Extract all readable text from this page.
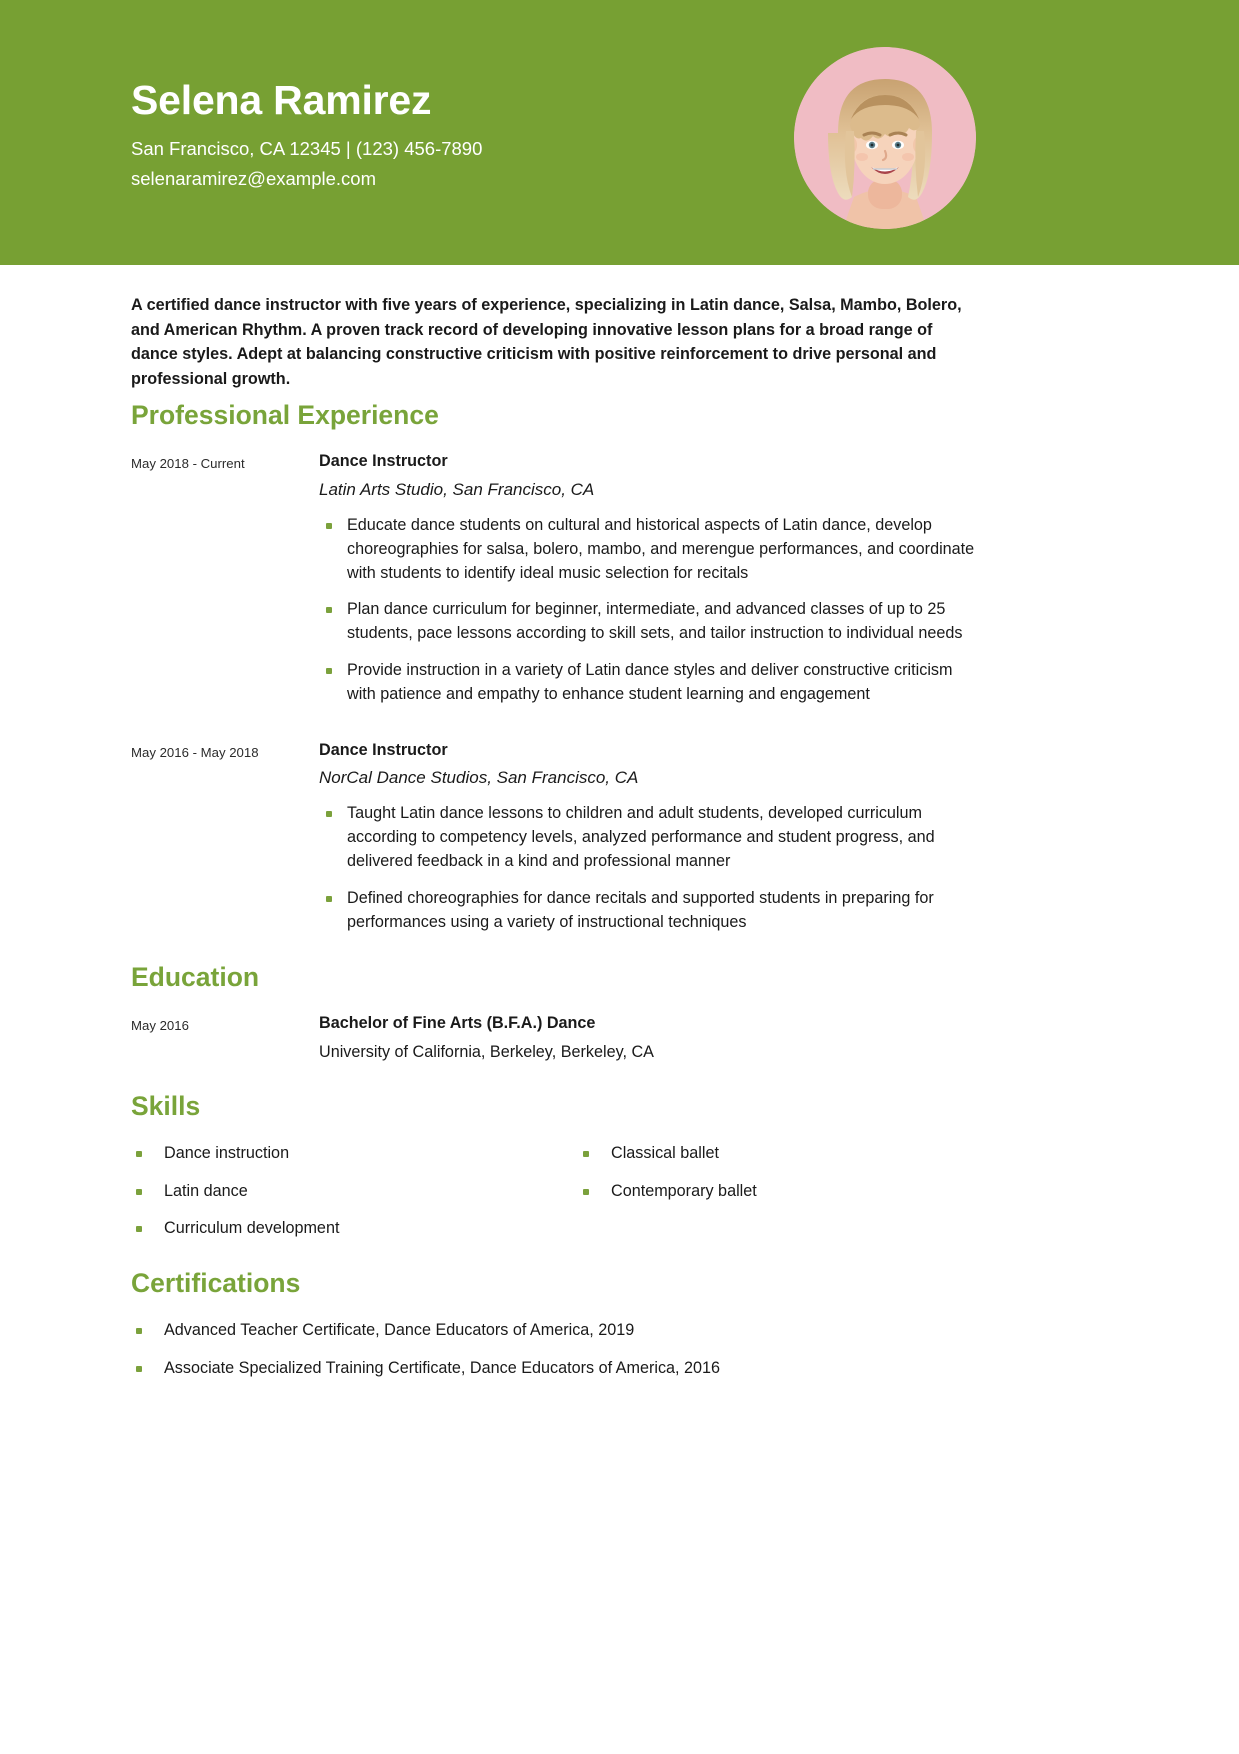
Selena Ramirez

San Francisco, CA 12345 | (123) 456-7890

selenaramirez@example.com

A certified dance instructor with five years of experience, specializing in Latin dance, Salsa, Mambo, Bolero, and American Rhythm. A proven track record of developing innovative lesson plans for a broad range of dance styles. Adept at balancing constructive criticism with positive reinforcement to drive personal and professional growth.
Professional Experience
May 2018 - Current	Dance Instructor

Latin Arts Studio, San Francisco, CA

Educate dance students on cultural and historical aspects of Latin dance, develop choreographies for salsa, bolero, mambo, and merengue performances, and coordinate with students to identify ideal music selection for recitals
Plan dance curriculum for beginner, intermediate, and advanced classes of up to 25 students, pace lessons according to skill sets, and tailor instruction to individual needs
Provide instruction in a variety of Latin dance styles and deliver constructive criticism with patience and empathy to enhance student learning and engagement
May 2016 - May 2018	Dance Instructor

NorCal Dance Studios, San Francisco, CA

Taught Latin dance lessons to children and adult students, developed curriculum according to competency levels, analyzed performance and student progress, and delivered feedback in a kind and professional manner
Defined choreographies for dance recitals and supported students in preparing for performances using a variety of instructional techniques
Education
May 2016	Bachelor of Fine Arts (B.F.A.) Dance

University of California, Berkeley, Berkeley, CA

Skills
Dance instruction
Latin dance
Curriculum development
Classical ballet
Contemporary ballet
Certifications
Advanced Teacher Certificate, Dance Educators of America, 2019
Associate Specialized Training Certificate, Dance Educators of America, 2016
